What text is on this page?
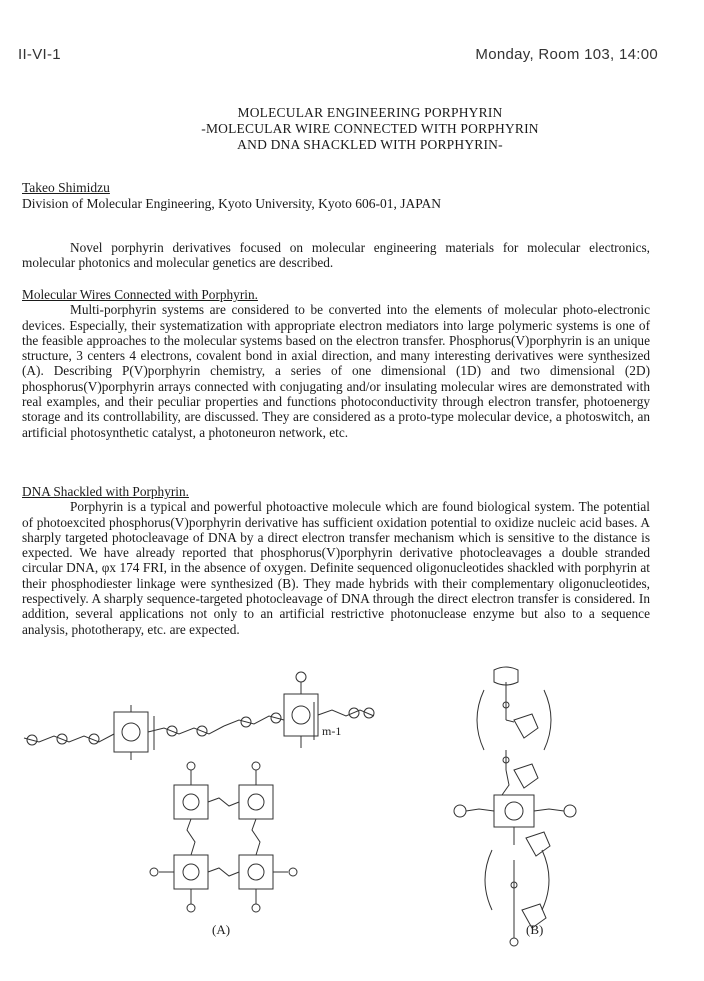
II-VI-1	Monday, Room 103, 14:00
MOLECULAR ENGINEERING PORPHYRIN
-MOLECULAR WIRE CONNECTED WITH PORPHYRIN
AND DNA SHACKLED WITH PORPHYRIN-
Takeo Shimidzu
Division of Molecular Engineering, Kyoto University, Kyoto 606-01, JAPAN

Novel porphyrin derivatives focused on molecular engineering materials for molecular electronics, molecular photonics and molecular genetics are described.

Molecular Wires Connected with Porphyrin.

Multi-porphyrin systems are considered to be converted into the elements of molecular photo-electronic devices. Especially, their systematization with appropriate electron mediators into large polymeric systems is one of the feasible approaches to the molecular systems based on the electron transfer. Phosphorus(V)porphyrin is an unique structure, 3 centers 4 electrons, covalent bond in axial direction, and many interesting derivatives were synthesized (A). Describing P(V)porphyrin chemistry, a series of one dimensional (1D) and two dimensional (2D) phosphorus(V)porphyrin arrays connected with conjugating and/or insulating molecular wires are demonstrated with real examples, and their peculiar properties and functions photoconductivity through electron transfer, photoenergy storage and its controllability, are discussed. They are considered as a proto-type molecular device, a photoswitch, an artificial photosynthetic catalyst, a photoneuron network, etc.

DNA Shackled with Porphyrin.

Porphyrin is a typical and powerful photoactive molecule which are found biological system. The potential of photoexcited phosphorus(V)porphyrin derivative has sufficient oxidation potential to oxidize nucleic acid bases. A sharply targeted photocleavage of DNA by a direct electron transfer mechanism which is sensitive to the distance is expected. We have already reported that phosphorus(V)porphyrin derivative photocleavages a double stranded circular DNA, φx 174 FRI, in the absence of oxygen. Definite sequenced oligonucleotides shackled with porphyrin at their phosphodiester linkage were synthesized (B). They made hybrids with their complementary oligonucleotides, respectively. A sharply sequence-targeted photocleavage of DNA through the direct electron transfer is considered. In addition, several applications not only to an artificial restrictive photonuclease enzyme but also to a sequence analysis, phototherapy, etc. are expected.

m-1
(A)	(B)
